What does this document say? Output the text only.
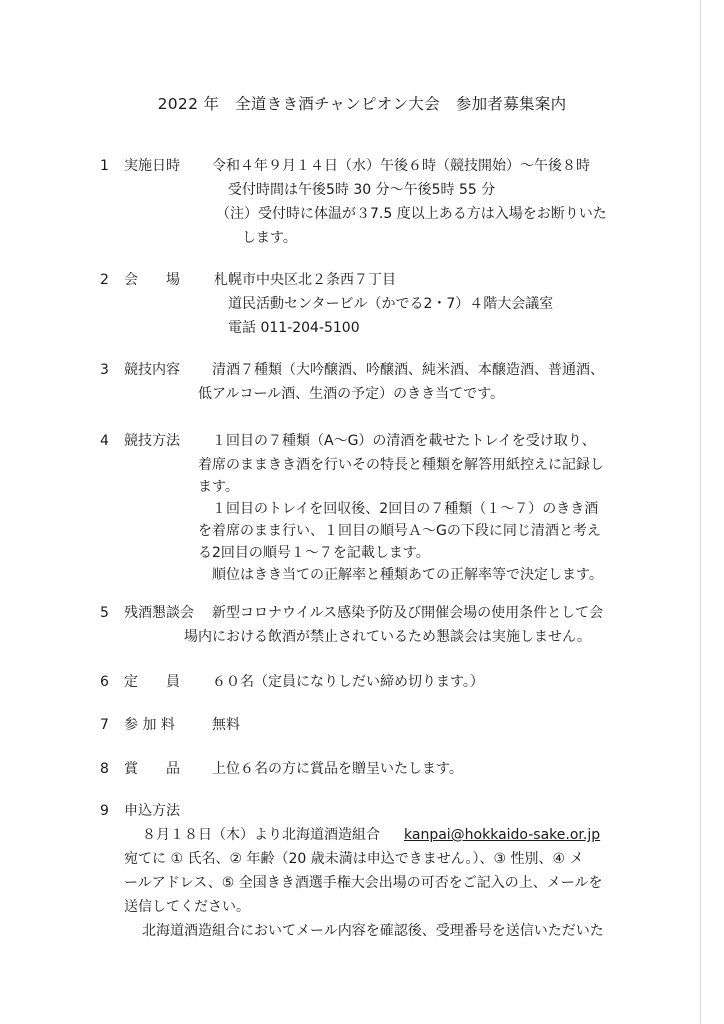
2022 年　全道きき酒チャンピオン大会　参加者募集案内
1 実施日時 令和４年９月１４日（水）午後６時（競技開始）～午後８時
受付時間は午後5時 30 分～午後5時 55 分
（注）受付時に体温が３7.5 度以上ある方は入場をお断りいた
します。
2 会　　場 札幌市中央区北２条西７丁目
道民活動センタービル（かでる2・7）４階大会議室
電話 011-204-5100
3 競技内容 清酒７種類（大吟醸酒、吟醸酒、純米酒、本醸造酒、普通酒、
低アルコール酒、生酒の予定）のきき当てです。
4 競技方法 １回目の７種類（A～G）の清酒を載せたトレイを受け取り、
着席のままきき酒を行いその特長と種類を解答用紙控えに記録し
ます。
１回目のトレイを回収後、2回目の７種類（１～７）のきき酒
を着席のまま行い、１回目の順号Ａ～Gの下段に同じ清酒と考え
る2回目の順号１～７を記載します。
順位はきき当ての正解率と種類あての正解率等で決定します。
5 残酒懇談会 新型コロナウイルス感染予防及び開催会場の使用条件として会
場内における飲酒が禁止されているため懇談会は実施しません。
6 定　　員 ６０名（定員になりしだい締め切ります。）
7 参 加 料	無料
8 賞　　品 上位６名の方に賞品を贈呈いたします。
9 申込方法
８月１８日（木）より北海道酒造組合 kanpai@hokkaido-sake.or.jp
宛てに ① 氏名、② 年齢（20 歳未満は申込できません。）、③ 性別、④ メ
ールアドレス、⑤ 全国きき酒選手権大会出場の可否をご記入の上、メールを
送信してください。
北海道酒造組合においてメール内容を確認後、受理番号を送信いただいた
